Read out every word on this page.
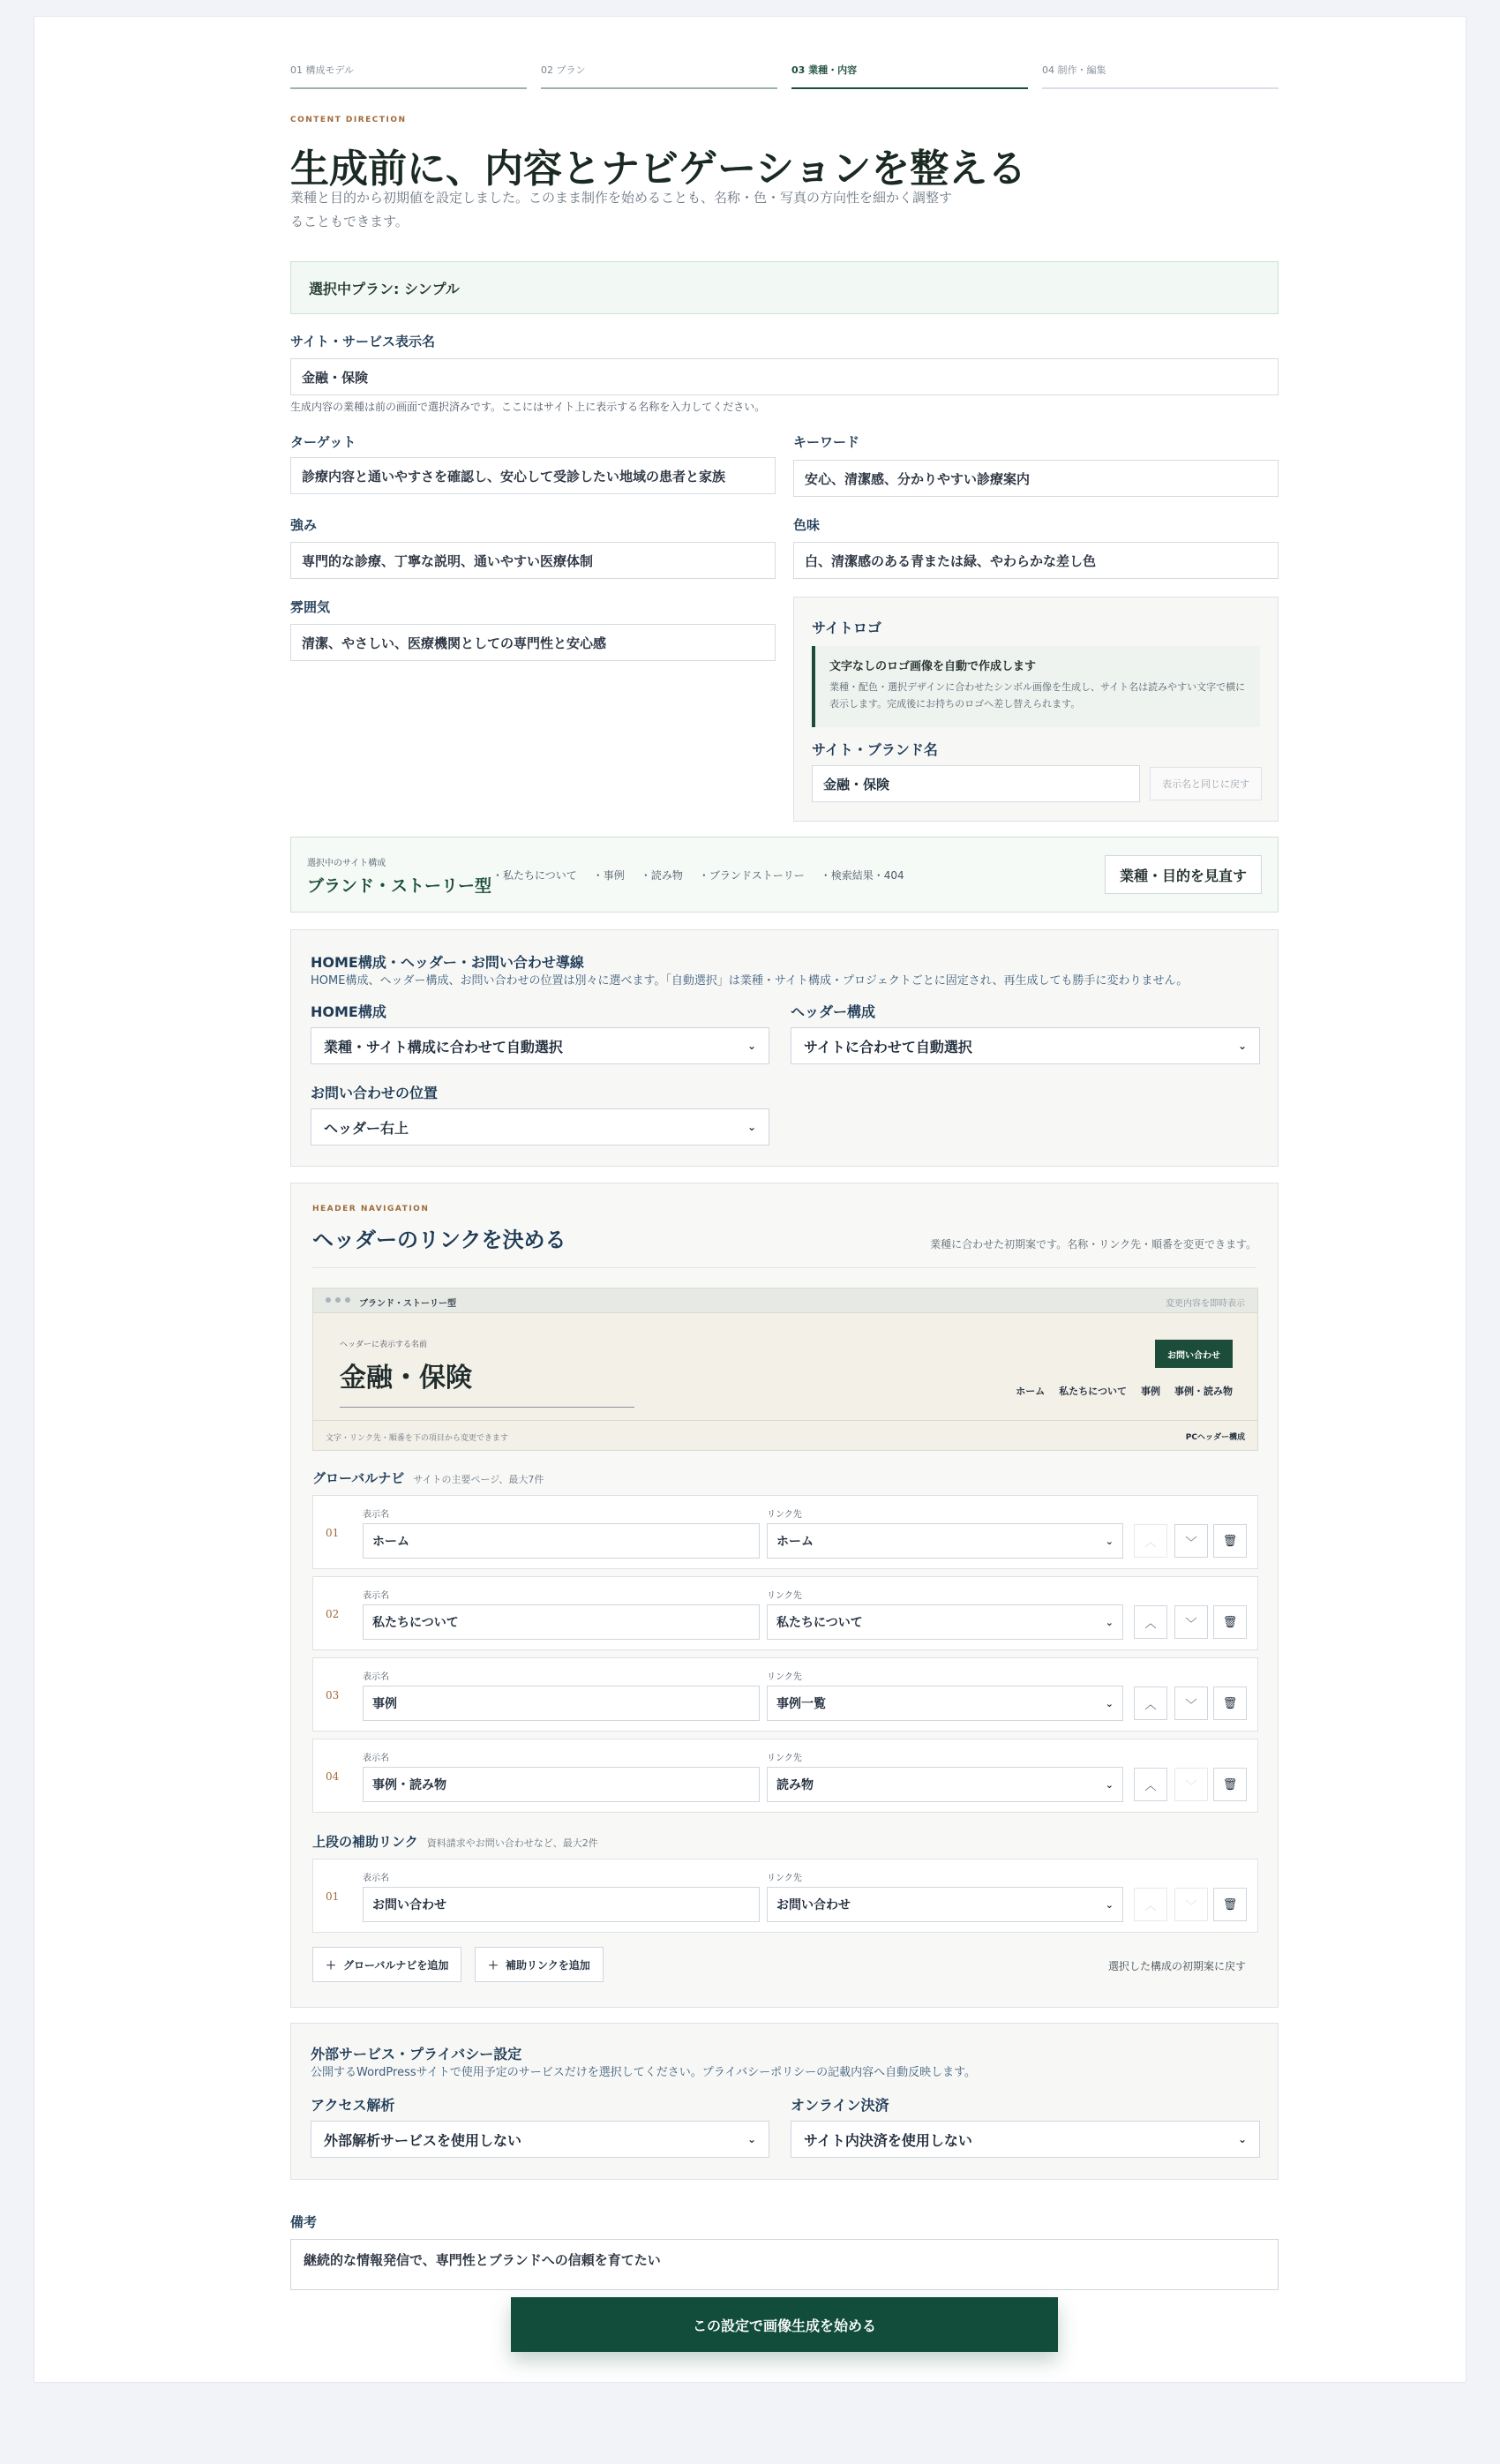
01 構成モデル	02 プラン	03 業種・内容	04 制作・編集
CONTENT DIRECTION
生成前に、内容とナビゲーションを整える
業種と目的から初期値を設定しました。このまま制作を始めることも、名称・色・写真の方向性を細かく調整することもできます。
選択中プラン: シンプル
サイト・サービス表示名
金融・保険
生成内容の業種は前の画面で選択済みです。ここにはサイト上に表示する名称を入力してください。
ターゲット
診療内容と通いやすさを確認し、安心して受診したい地域の患者と家族
キーワード
安心、清潔感、分かりやすい診療案内
強み
専門的な診療、丁寧な説明、通いやすい医療体制
色味
白、清潔感のある青または緑、やわらかな差し色
雰囲気
清潔、やさしい、医療機関としての専門性と安心感
サイトロゴ
文字なしのロゴ画像を自動で作成します

業種・配色・選択デザインに合わせたシンボル画像を生成し、サイト名は読みやすい文字で横に表示します。完成後にお持ちのロゴへ差し替えられます。

サイト・ブランド名
金融・保険	表示名と同じに戻す
選択中のサイト構成
ブランド・ストーリー型
・ 私たちについて	・ 事例	・ 読み物	・ ブランドストーリー	・ 検索結果・404	業種・目的を見直す
HOME構成・ヘッダー・お問い合わせ導線
HOME構成、ヘッダー構成、お問い合わせの位置は別々に選べます。「自動選択」は業種・サイト構成・プロジェクトごとに固定され、再生成しても勝手に変わりません。
HOME構成
業種・サイト構成に合わせて自動選択	⌄
ヘッダー構成
サイトに合わせて自動選択	⌄
お問い合わせの位置
ヘッダー右上	⌄
HEADER NAVIGATION
ヘッダーのリンクを決める	業種に合わせた初期案です。名称・リンク先・順番を変更できます。
ブランド・ストーリー型	変更内容を即時表示
ヘッダーに表示する名前
金融・保険
お問い合わせ
ホーム 私たちについて 事例 事例・読み物
文字・リンク先・順番を下の項目から変更できます	PCヘッダー構成
グローバルナビ サイトの主要ページ、最大7件
01
表示名	リンク先
ホーム	ホーム	⌄	︿	﹀	🗑
02
表示名	リンク先
私たちについて	私たちについて	⌄	︿	﹀	🗑
03
表示名	リンク先
事例	事例一覧	⌄	︿	﹀	🗑
04
表示名	リンク先
事例・読み物	読み物	⌄	︿	﹀	🗑
上段の補助リンク 資料請求やお問い合わせなど、最大2件
01
表示名	リンク先
お問い合わせ	お問い合わせ	⌄	︿	﹀	🗑
＋ グローバルナビを追加	＋ 補助リンクを追加	選択した構成の初期案に戻す
外部サービス・プライバシー設定
公開するWordPressサイトで使用予定のサービスだけを選択してください。プライバシーポリシーの記載内容へ自動反映します。
アクセス解析
外部解析サービスを使用しない	⌄
オンライン決済
サイト内決済を使用しない	⌄
備考
継続的な情報発信で、専門性とブランドへの信頼を育てたい
この設定で画像生成を始める
